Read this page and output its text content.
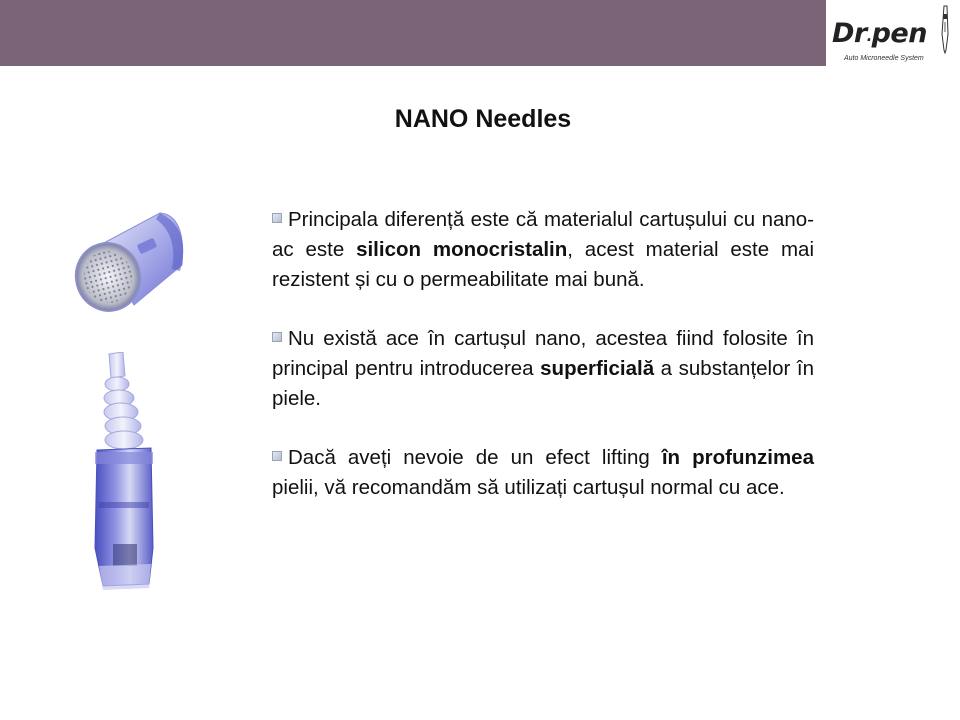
Dr.pen
Auto Microneedle System
NANO Needles

Principala diferență este că materialul cartușului cu nano-ac este silicon monocristalin, acest material este mai rezistent și cu o permeabilitate mai bună.

Nu există ace în cartușul nano, acestea fiind folosite în principal pentru introducerea superficială a substanțelor în piele.

Dacă aveți nevoie de un efect lifting în profunzimea pielii, vă recomandăm să utilizați cartușul normal cu ace.
